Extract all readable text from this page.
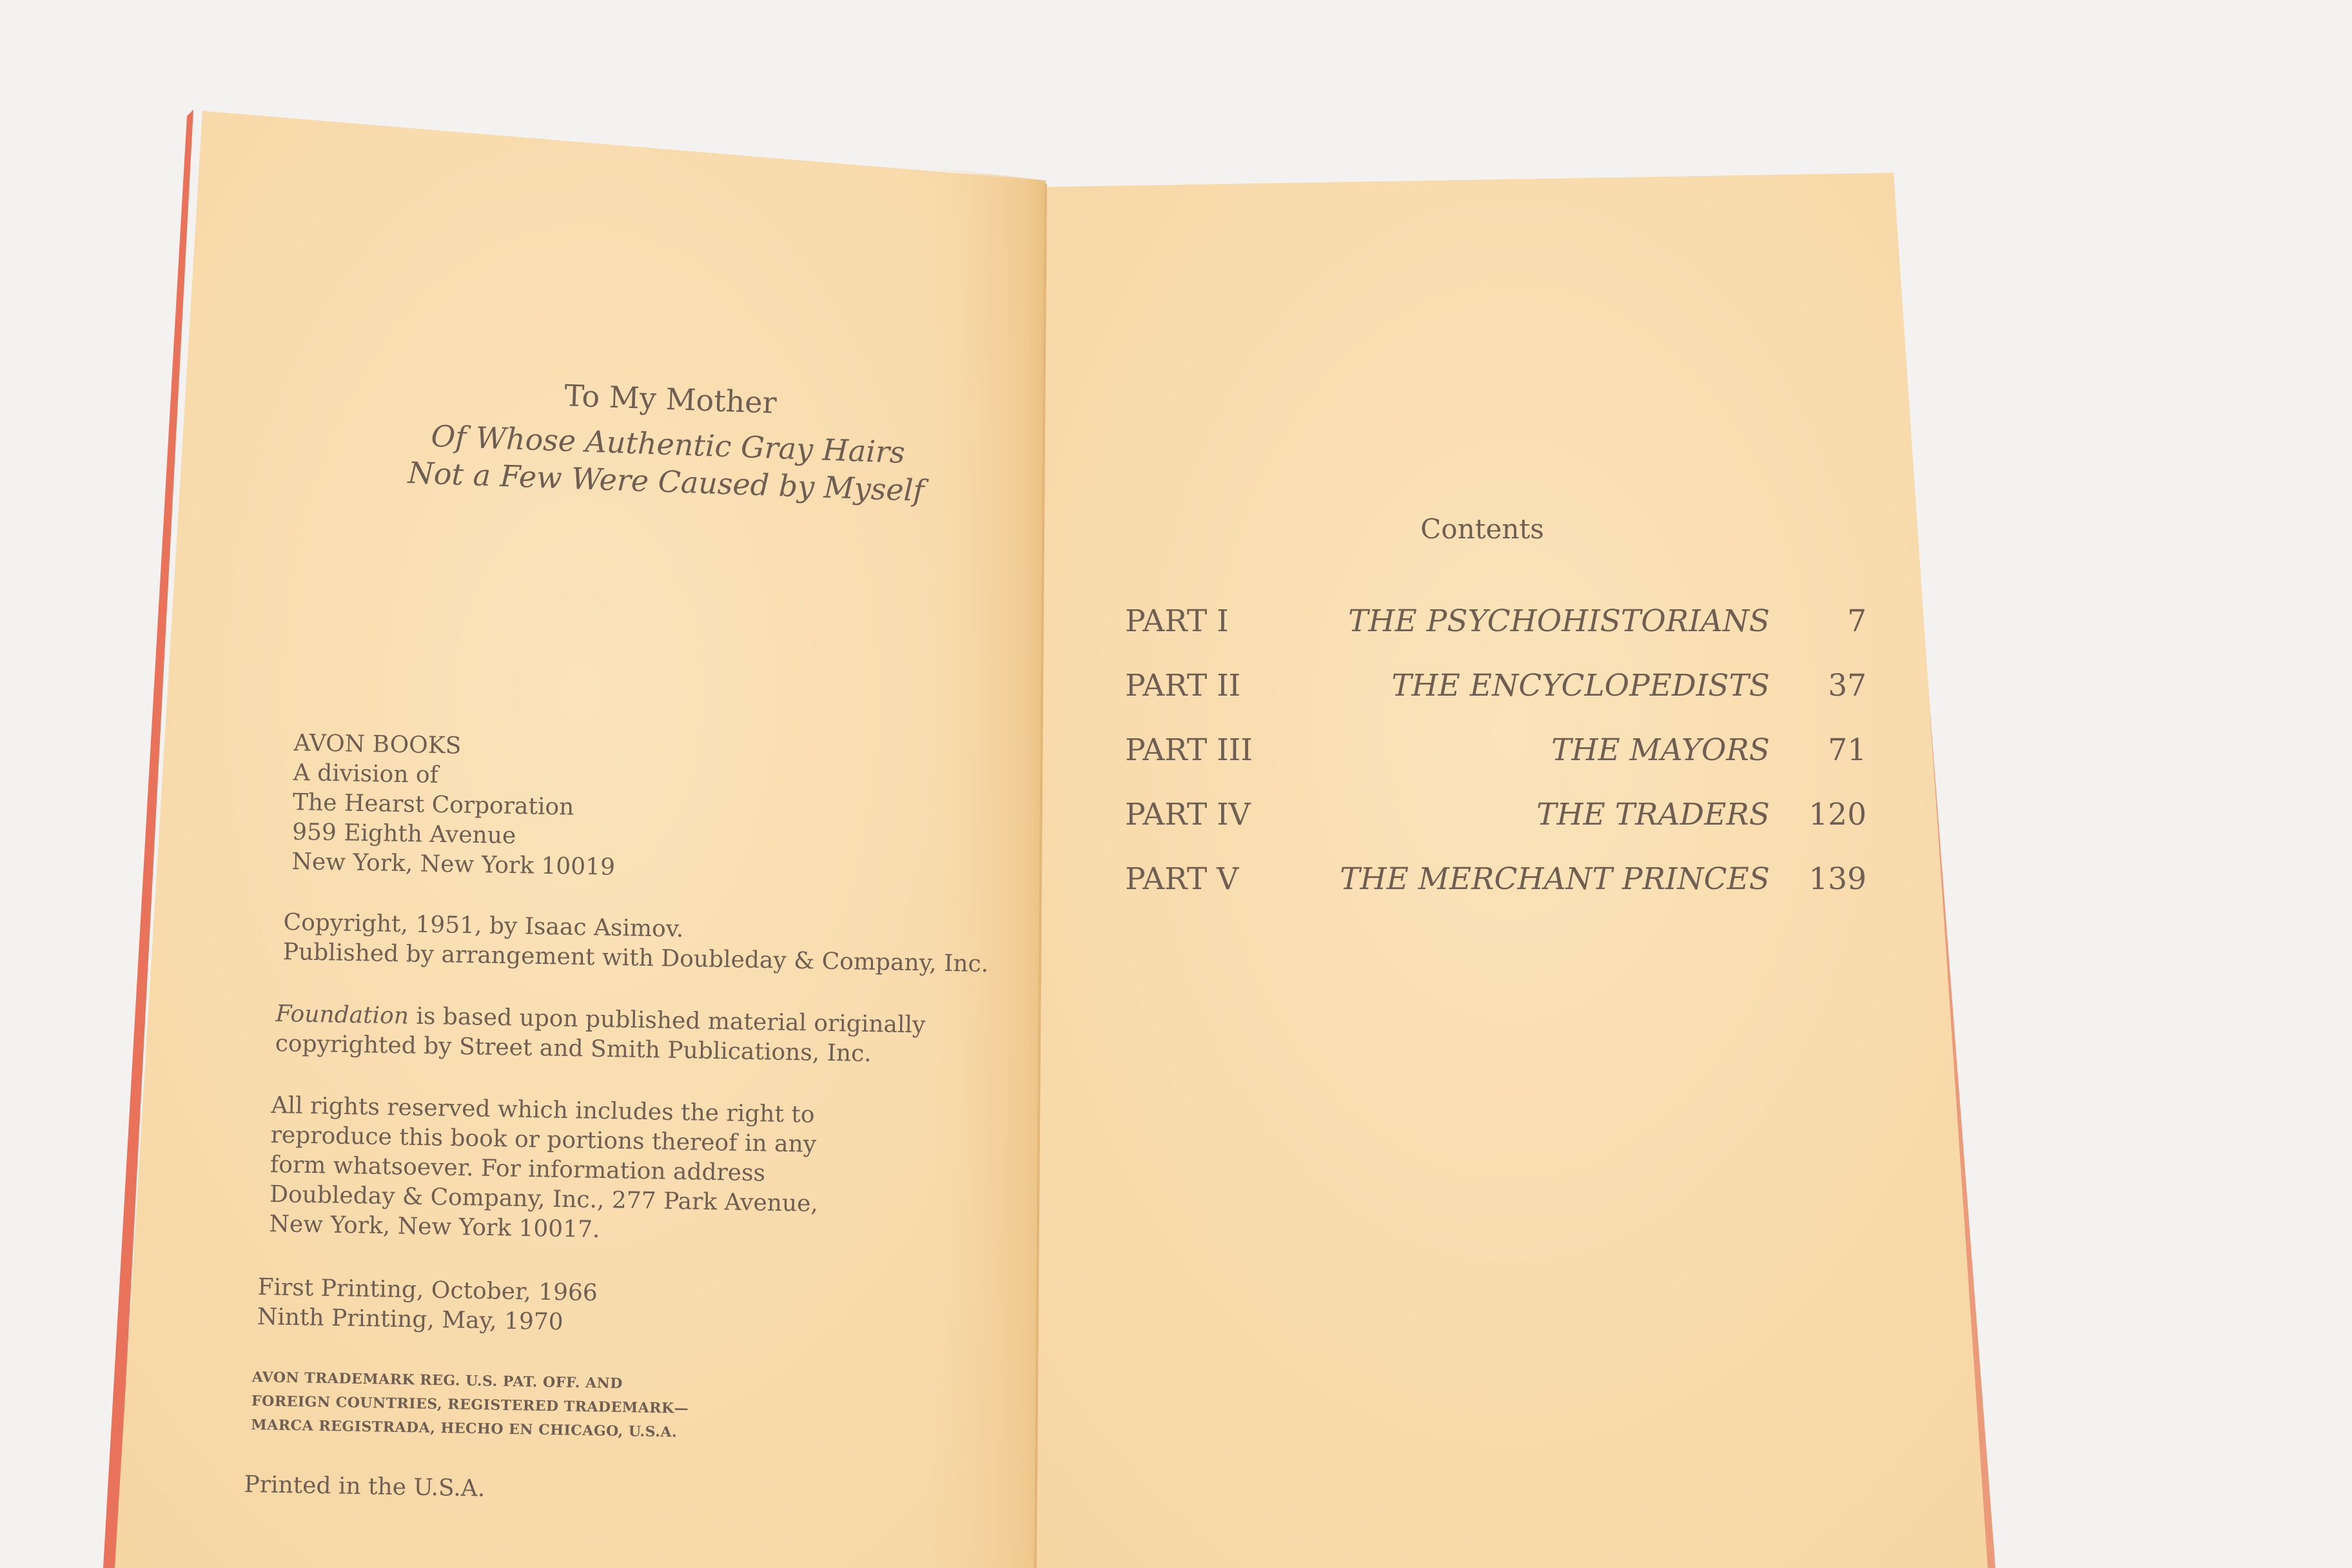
To My Mother
Of Whose Authentic Gray Hairs
Not a Few Were Caused by Myself
AVON BOOKS
A division of
The Hearst Corporation
959 Eighth Avenue
New York, New York 10019
Copyright, 1951, by Isaac Asimov.
Published by arrangement with Doubleday & Company, Inc.
Foundation is based upon published material originally
copyrighted by Street and Smith Publications, Inc.
All rights reserved which includes the right to
reproduce this book or portions thereof in any
form whatsoever. For information address
Doubleday & Company, Inc., 277 Park Avenue,
New York, New York 10017.
First Printing, October, 1966
Ninth Printing, May, 1970
AVON TRADEMARK REG. U.S. PAT. OFF. AND
FOREIGN COUNTRIES, REGISTERED TRADEMARK—
MARCA REGISTRADA, HECHO EN CHICAGO, U.S.A.
Printed in the U.S.A.
Contents
PART I	THE PSYCHOHISTORIANS	7
PART II	THE ENCYCLOPEDISTS 37
PART III	THE MAYORS 71
PART IV	THE TRADERS 120
PART V	THE MERCHANT PRINCES 139
